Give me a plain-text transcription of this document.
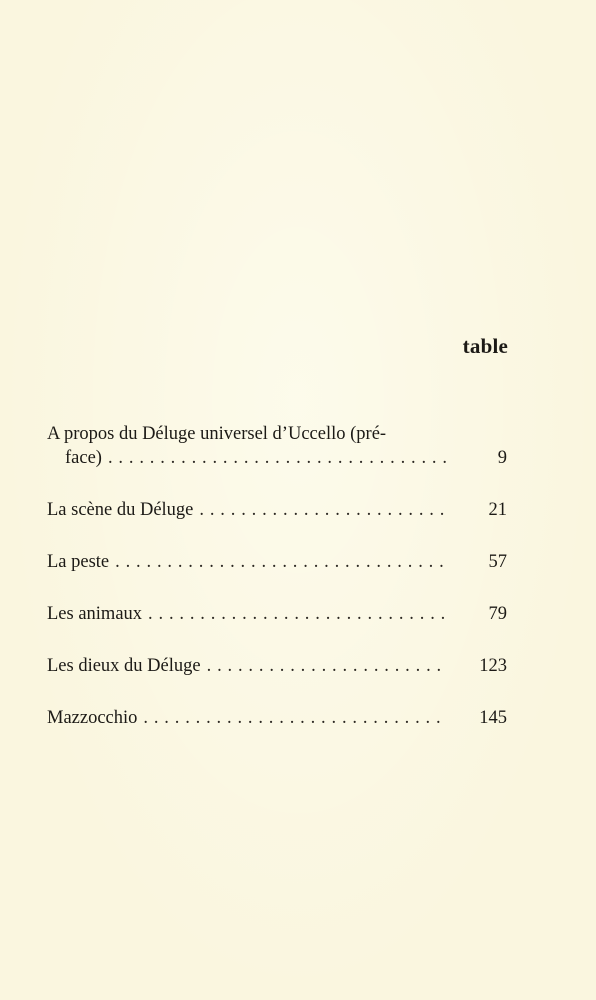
table
A propos du Déluge universel d’Uccello (pré-
face) . . .	9
La scène du Déluge . . .	21
La peste . . .	57
Les animaux . . .	79
Les dieux du Déluge . . .	123
Mazzocchio . . .	145
